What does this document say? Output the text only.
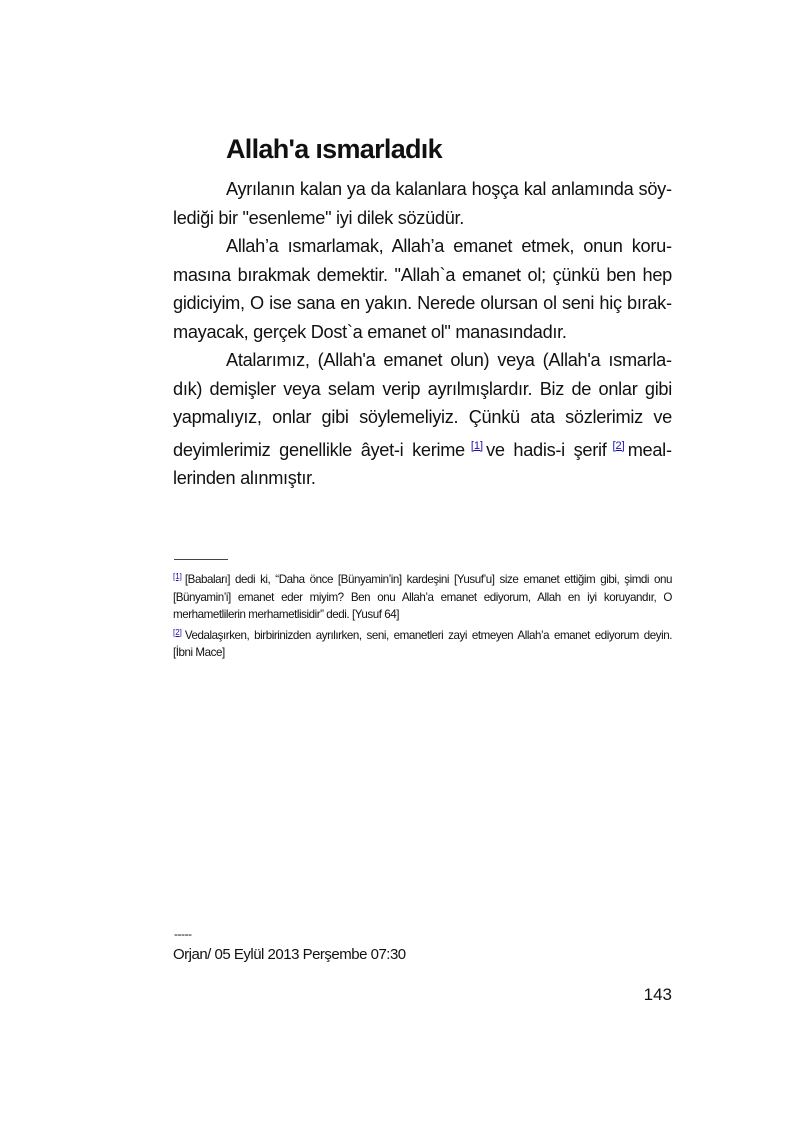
Allah'a ısmarladık

Ayrılanın kalan ya da kalanlara hoşça kal anlamında söylediği bir "esenleme" iyi dilek sözüdür.

Allah’a ısmarlamak, Allah’a emanet etmek, onun korumasına bırakmak demektir. "Allah`a emanet ol; çünkü ben hep gidiciyim, O ise sana en yakın. Nerede olursan ol seni hiç bırakmayacak, gerçek Dost`a emanet ol" manasındadır.

Atalarımız, (Allah'a emanet olun) veya (Allah'a ısmarladık) demişler veya selam verip ayrılmışlardır. Biz de onlar gibi yapmalıyız, onlar gibi söylemeliyiz. Çünkü ata sözlerimiz ve deyimlerimiz genellikle âyet-i kerime [1] ve hadis-i şerif [2] meallerinden alınmıştır.

[1] [Babaları] dedi ki, “Daha önce [Bünyamin’in] kardeşini [Yusuf’u] size emanet ettiğim gibi, şimdi onu [Bünyamin’i] emanet eder miyim? Ben onu Allah’a emanet ediyorum, Allah en iyi koruyandır, O merhametlilerin merhametlisidir” dedi. [Yusuf 64]

[2] Vedalaşırken, birbirinizden ayrılırken, seni, emanetleri zayi etmeyen Allah’a emanet ediyorum deyin. [İbni Mace]

-----
Orjan/ 05 Eylül 2013 Perşembe 07:30
143
